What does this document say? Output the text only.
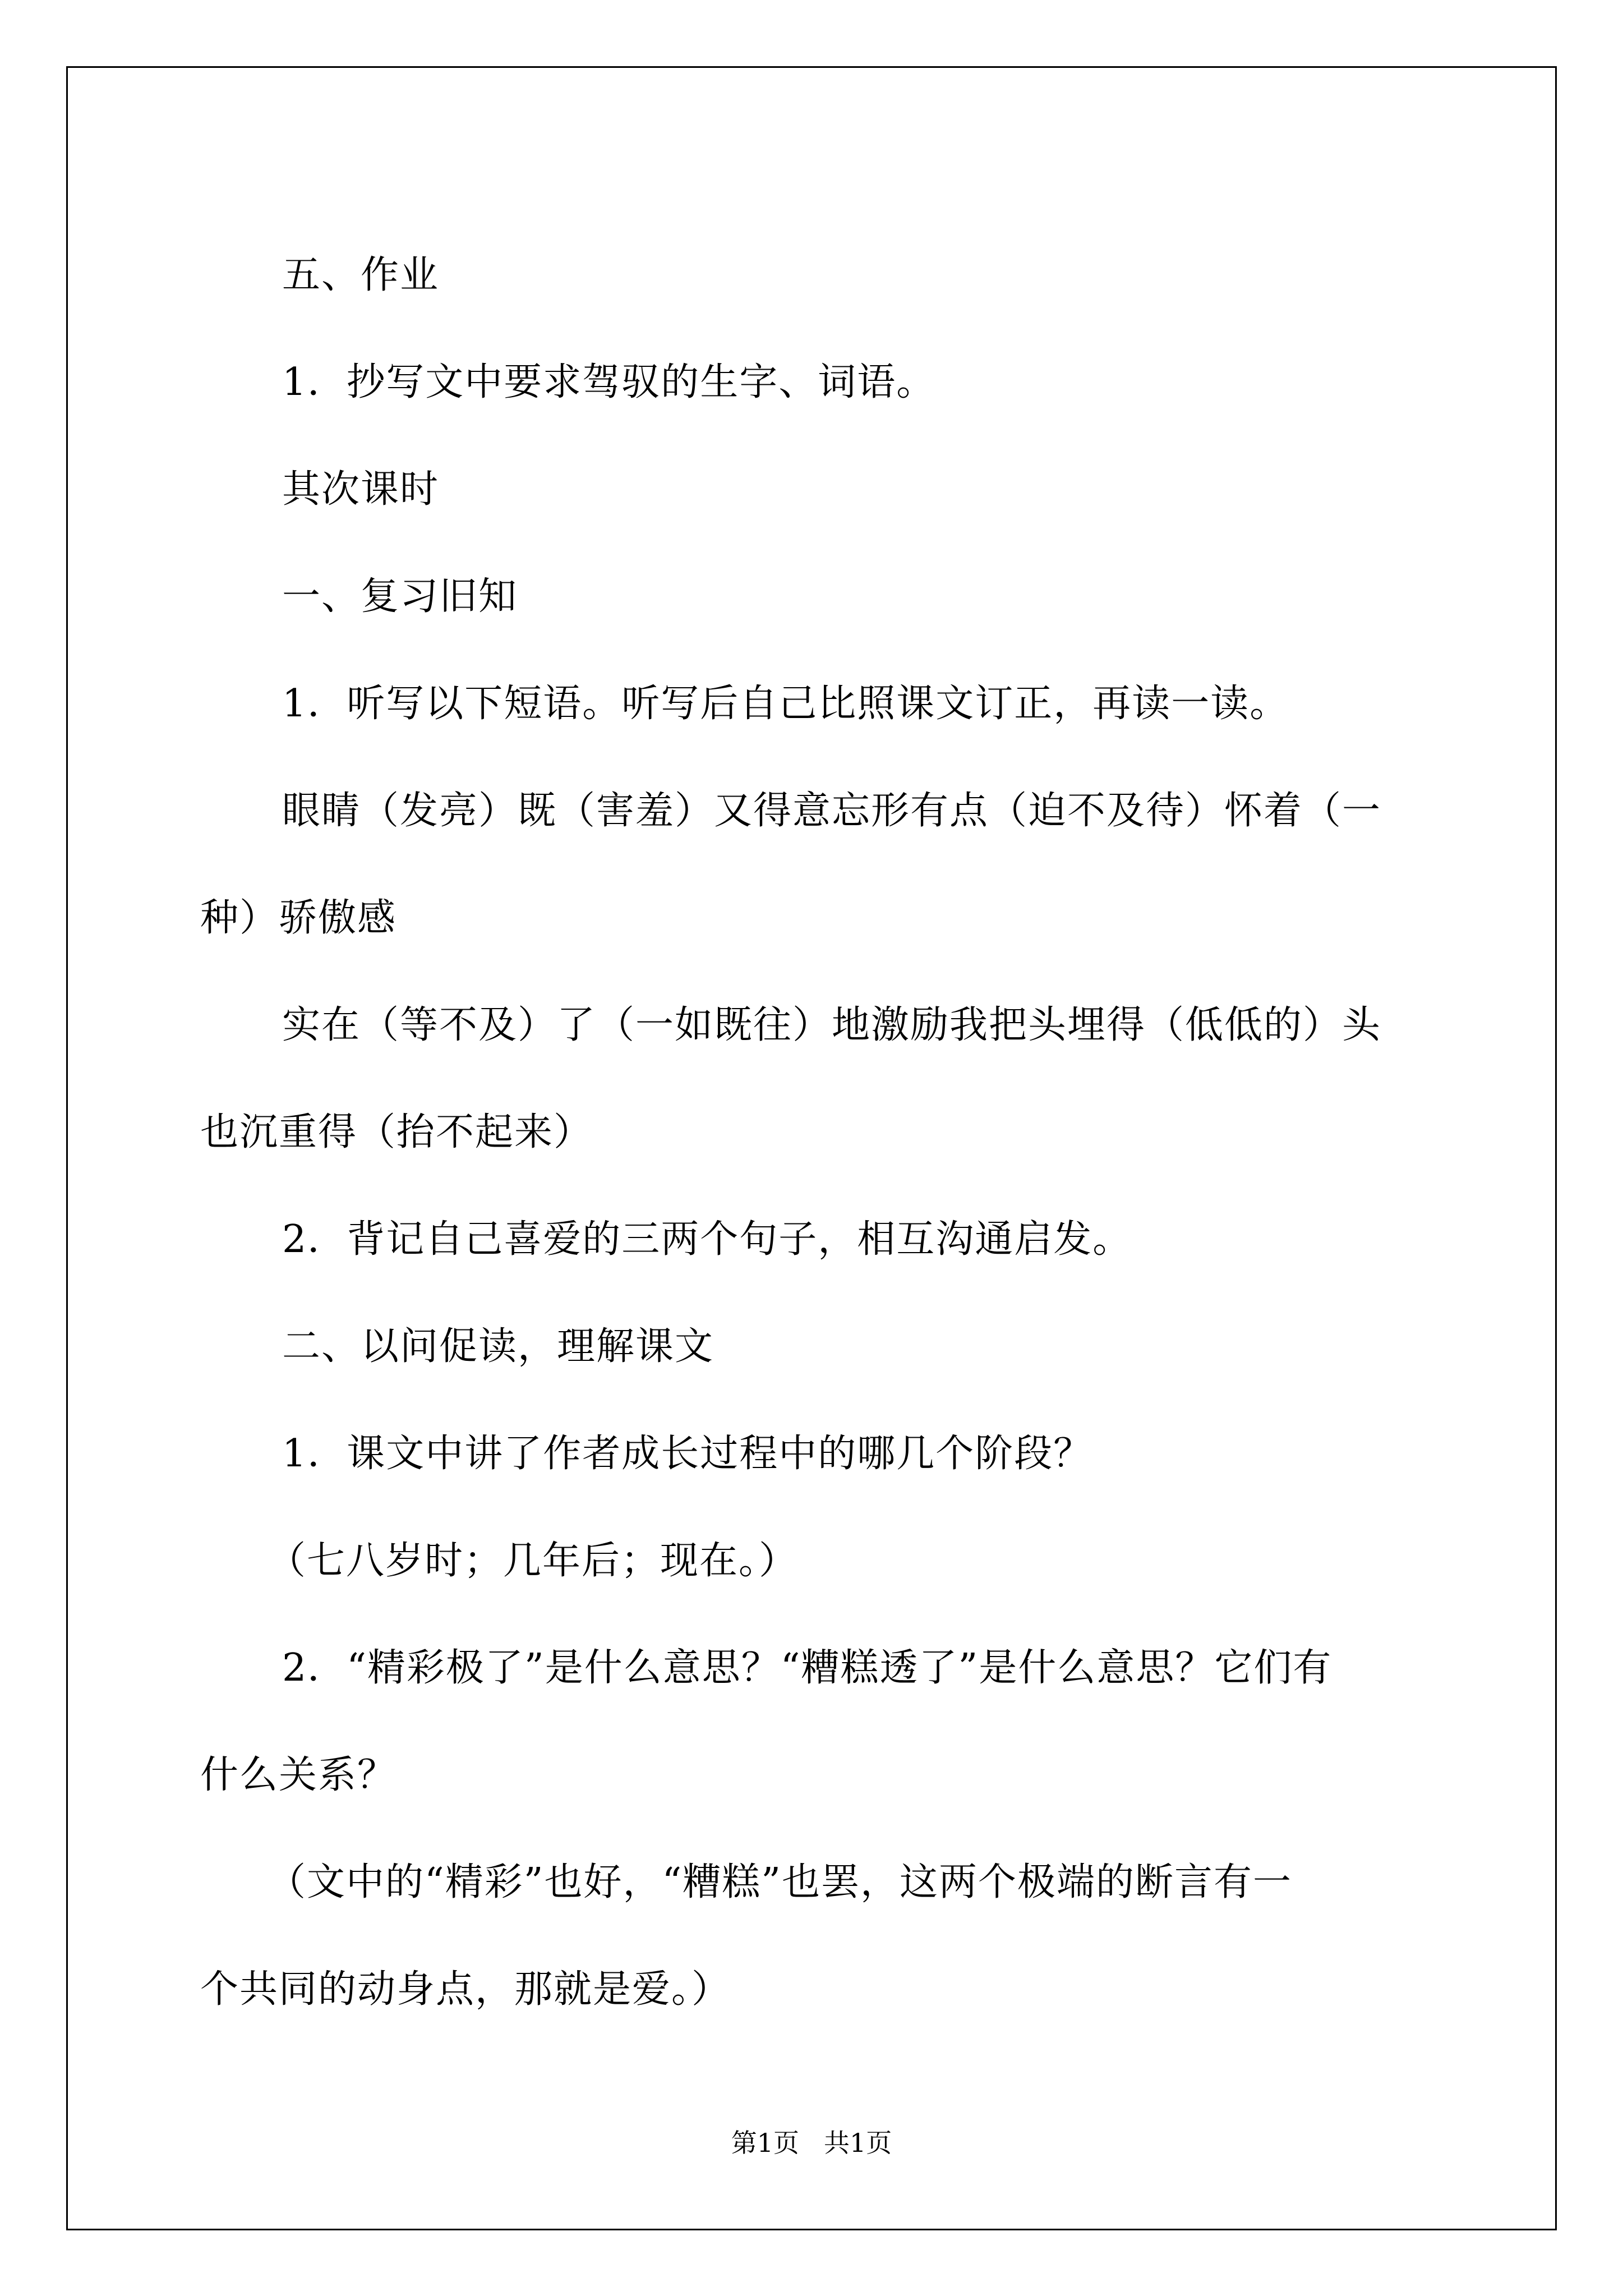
五、作业

1．抄写文中要求驾驭的生字、词语。

其次课时

一、复习旧知

1．听写以下短语。听写后自己比照课文订正，再读一读。

眼睛（发亮）既（害羞）又得意忘形有点（迫不及待）怀着（一

种）骄傲感

实在（等不及）了（一如既往）地激励我把头埋得（低低的）头

也沉重得（抬不起来）

2．背记自己喜爱的三两个句子，相互沟通启发。

二、以问促读，理解课文

1．课文中讲了作者成长过程中的哪几个阶段？

（七八岁时；几年后；现在。）

2．“精彩极了”是什么意思？“糟糕透了”是什么意思？它们有

什么关系？

（文中的“精彩”也好，“糟糕”也罢，这两个极端的断言有一

个共同的动身点，那就是爱。）

第1页 共1页
